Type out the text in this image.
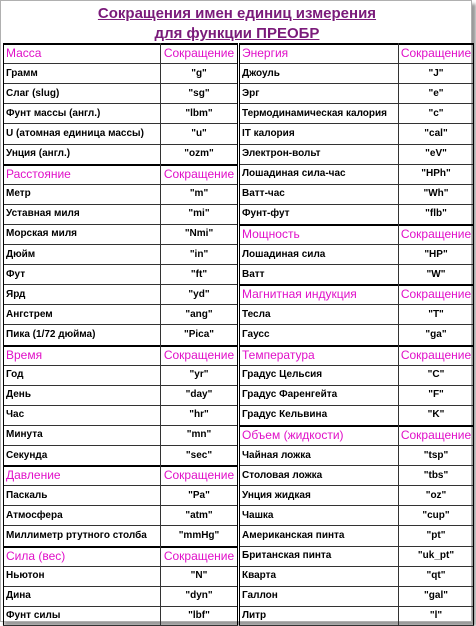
Сокращения имен единиц измерения
для функции ПРЕОБР
Масса	Сокращение
Грамм	"g"
Слаг (slug)	"sg"
Фунт массы (англ.)	"lbm"
U (атомная единица массы)	"u"
Унция (англ.)	"ozm"
Расстояние	Сокращение
Метр	"m"
Уставная миля	"mi"
Морская миля	"Nmi"
Дюйм	"in"
Фут	"ft"
Ярд	"yd"
Ангстрем	"ang"
Пика (1/72 дюйма)	"Pica"
Время	Сокращение
Год	"yr"
День	"day"
Час	"hr"
Минута	"mn"
Секунда	"sec"
Давление	Сокращение
Паскаль	"Pa"
Атмосфера	"atm"
Миллиметр ртутного столба	"mmHg"
Сила (вес)	Сокращение
Ньютон	"N"
Дина	"dyn"
Фунт силы	"lbf"
Энергия	Сокращение
Джоуль	"J"
Эрг	"e"
Термодинамическая калория	"c"
IT калория	"cal"
Электрон-вольт	"eV"
Лошадиная сила-час	"HPh"
Ватт-час	"Wh"
Фунт-фут	"flb"
Мощность	Сокращение
Лошадиная сила	"HP"
Ватт	"W"
Магнитная индукция	Сокращение
Тесла	"T"
Гаусс	"ga"
Температура	Сокращение
Градус Цельсия	"C"
Градус Фаренгейта	"F"
Градус Кельвина	"K"
Объем (жидкости)	Сокращение
Чайная ложка	"tsp"
Столовая ложка	"tbs"
Унция жидкая	"oz"
Чашка	"cup"
Американская пинта	"pt"
Британская пинта	"uk_pt"
Кварта	"qt"
Галлон	"gal"
Литр	"l"
